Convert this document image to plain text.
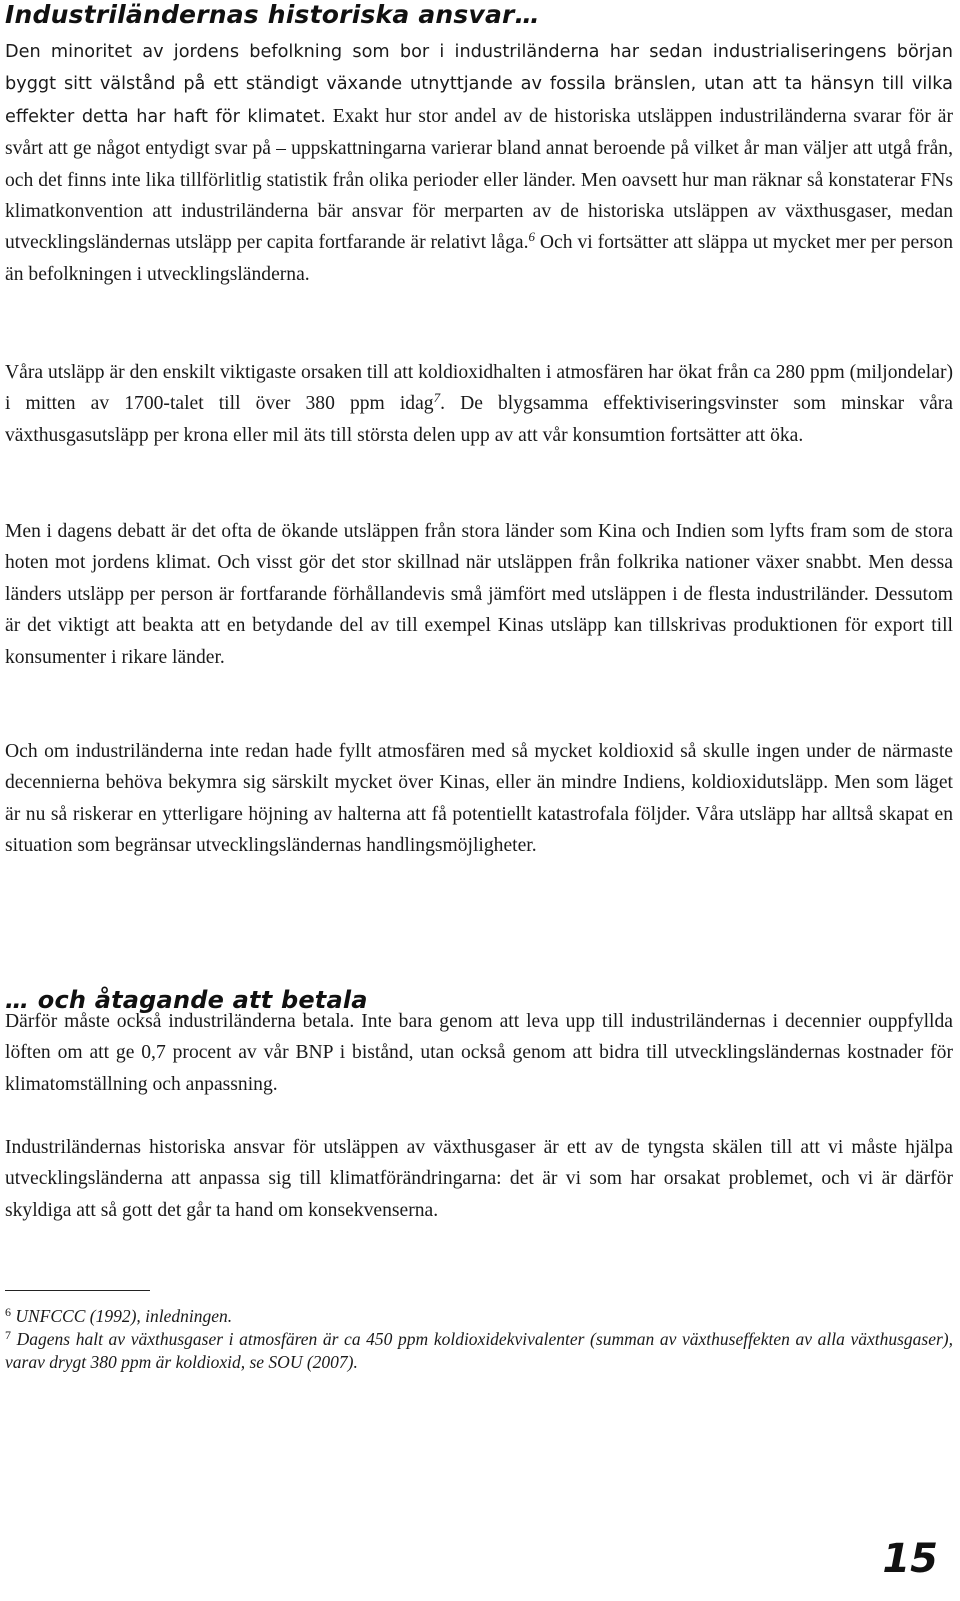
Industriländernas historiska ansvar…

Den minoritet av jordens befolkning som bor i industriländerna har sedan industrialiseringens början byggt sitt välstånd på ett ständigt växande utnyttjande av fossila bränslen, utan att ta hänsyn till vilka effekter detta har haft för klimatet. Exakt hur stor andel av de historiska utsläppen industriländerna svarar för är svårt att ge något entydigt svar på – uppskattningarna varierar bland annat beroende på vilket år man väljer att utgå från, och det finns inte lika tillförlitlig statistik från olika perioder eller länder. Men oavsett hur man räknar så konstaterar FNs klimatkonvention att industriländerna bär ansvar för merparten av de historiska utsläppen av växthusgaser, medan utvecklingsländernas utsläpp per capita fortfarande är relativt låga.$^6$ Och vi fortsätter att släppa ut mycket mer per person än befolkningen i utvecklingsländerna.

Våra utsläpp är den enskilt viktigaste orsaken till att koldioxidhalten i atmosfären har ökat från ca 280 ppm (miljondelar) i mitten av 1700-talet till över 380 ppm idag$^7$. De blygsamma effektiviseringsvinster som minskar våra växthusgasutsläpp per krona eller mil äts till största delen upp av att vår konsumtion fortsätter att öka.

Men i dagens debatt är det ofta de ökande utsläppen från stora länder som Kina och Indien som lyfts fram som de stora hoten mot jordens klimat. Och visst gör det stor skillnad när utsläppen från folkrika nationer växer snabbt. Men dessa länders utsläpp per person är fortfarande förhållandevis små jämfört med utsläppen i de flesta industriländer. Dessutom är det viktigt att beakta att en betydande del av till exempel Kinas utsläpp kan tillskrivas produktionen för export till konsumenter i rikare länder.

Och om industriländerna inte redan hade fyllt atmosfären med så mycket koldioxid så skulle ingen under de närmaste decennierna behöva bekymra sig särskilt mycket över Kinas, eller än mindre Indiens, koldioxidutsläpp. Men som läget är nu så riskerar en ytterligare höjning av halterna att få potentiellt katastrofala följder. Våra utsläpp har alltså skapat en situation som begränsar utvecklingsländernas handlingsmöjligheter.

… och åtagande att betala

Därför måste också industriländerna betala. Inte bara genom att leva upp till industriländernas i decennier ouppfyllda löften om att ge 0,7 procent av vår BNP i bistånd, utan också genom att bidra till utvecklingsländernas kostnader för klimatomställning och anpassning.

Industriländernas historiska ansvar för utsläppen av växthusgaser är ett av de tyngsta skälen till att vi måste hjälpa utvecklingsländerna att anpassa sig till klimatförändringarna: det är vi som har orsakat problemet, och vi är därför skyldiga att så gott det går ta hand om konsekvenserna.

$^6$ UNFCCC (1992), inledningen.

$^7$ Dagens halt av växthusgaser i atmosfären är ca 450 ppm koldioxidekvivalenter (summan av växthuseffekten av alla växthusgaser), varav drygt 380 ppm är koldioxid, se SOU (2007).

15
